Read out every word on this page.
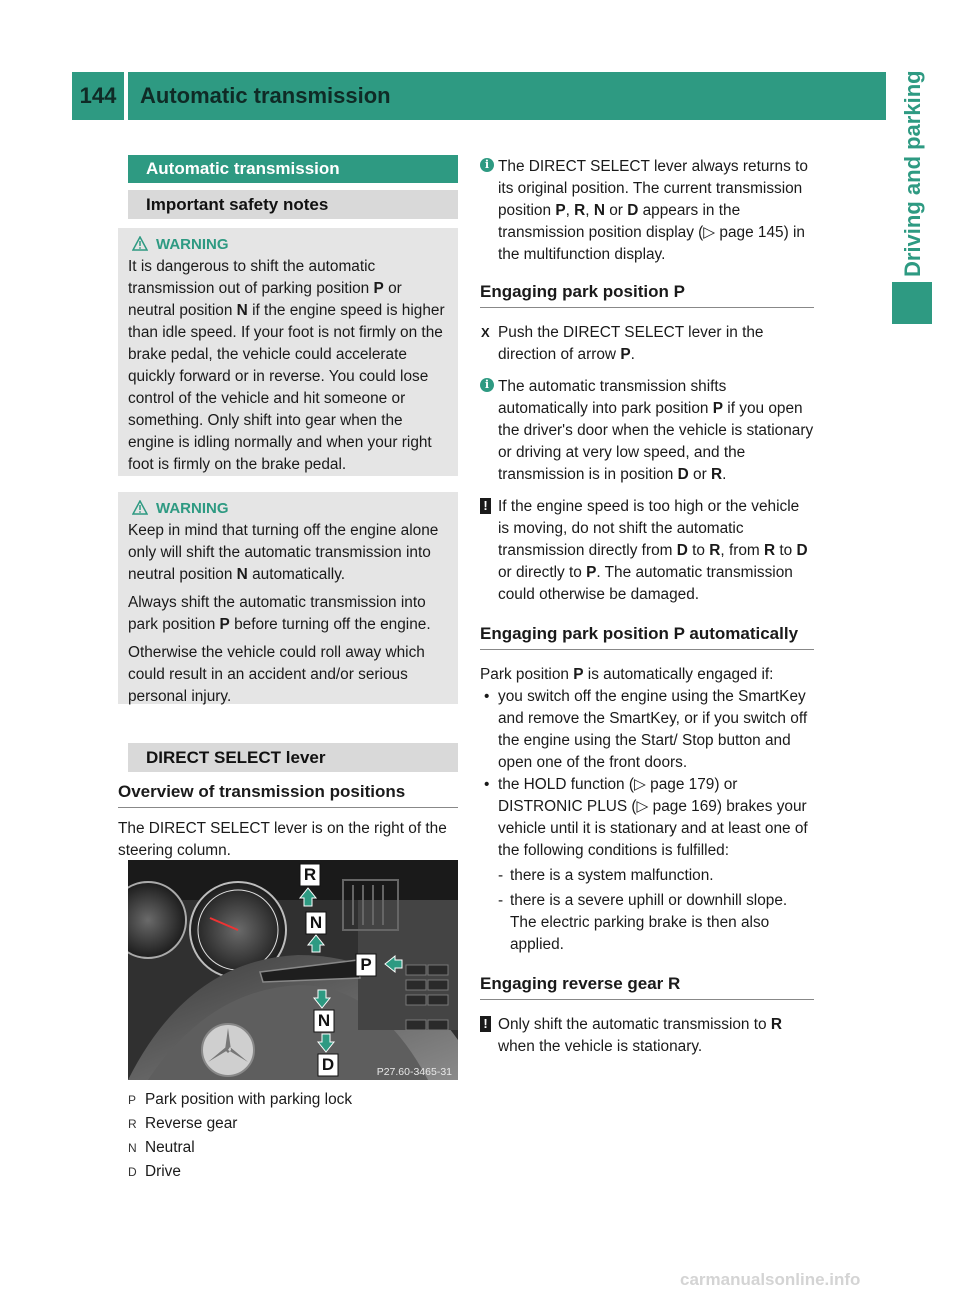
144	Automatic transmission	Driving and parking
Automatic transmission
Important safety notes
WARNING
It is dangerous to shift the automatic transmission out of parking position P or neutral position N if the engine speed is higher than idle speed. If your foot is not firmly on the brake pedal, the vehicle could accelerate quickly forward or in reverse. You could lose control of the vehicle and hit someone or something. Only shift into gear when the engine is idling normally and when your right foot is firmly on the brake pedal.
WARNING

Keep in mind that turning off the engine alone only will shift the automatic transmission into neutral position N automatically.

Always shift the automatic transmission into park position P before turning off the engine.

Otherwise the vehicle could roll away which could result in an accident and/or serious personal injury.

DIRECT SELECT lever
Overview of transmission positions
The DIRECT SELECT lever is on the right of the steering column.
R
N
P
N
D	P27.60-3465-31
P Park position with parking lock
R Reverse gear
N Neutral
D Drive
i The DIRECT SELECT lever always returns to its original position. The current transmission position P, R, N or D appears in the transmission position display (▷ page 145) in the multifunction display.
Engaging park position P
X Push the DIRECT SELECT lever in the direction of arrow P.
i The automatic transmission shifts automatically into park position P if you open the driver's door when the vehicle is stationary or driving at very low speed, and the transmission is in position D or R.
! If the engine speed is too high or the vehicle is moving, do not shift the automatic transmission directly from D to R, from R to D or directly to P. The automatic transmission could otherwise be damaged.
Engaging park position P automatically
Park position P is automatically engaged if:
• you switch off the engine using the SmartKey and remove the SmartKey, or if you switch off the engine using the Start/ Stop button and open one of the front doors.
• the HOLD function (▷ page 179) or DISTRONIC PLUS (▷ page 169) brakes your vehicle until it is stationary and at least one of the following conditions is fulfilled:
- there is a system malfunction.
- there is a severe uphill or downhill slope. The electric parking brake is then also applied.
Engaging reverse gear R
! Only shift the automatic transmission to R when the vehicle is stationary.
carmanualsonline.info
